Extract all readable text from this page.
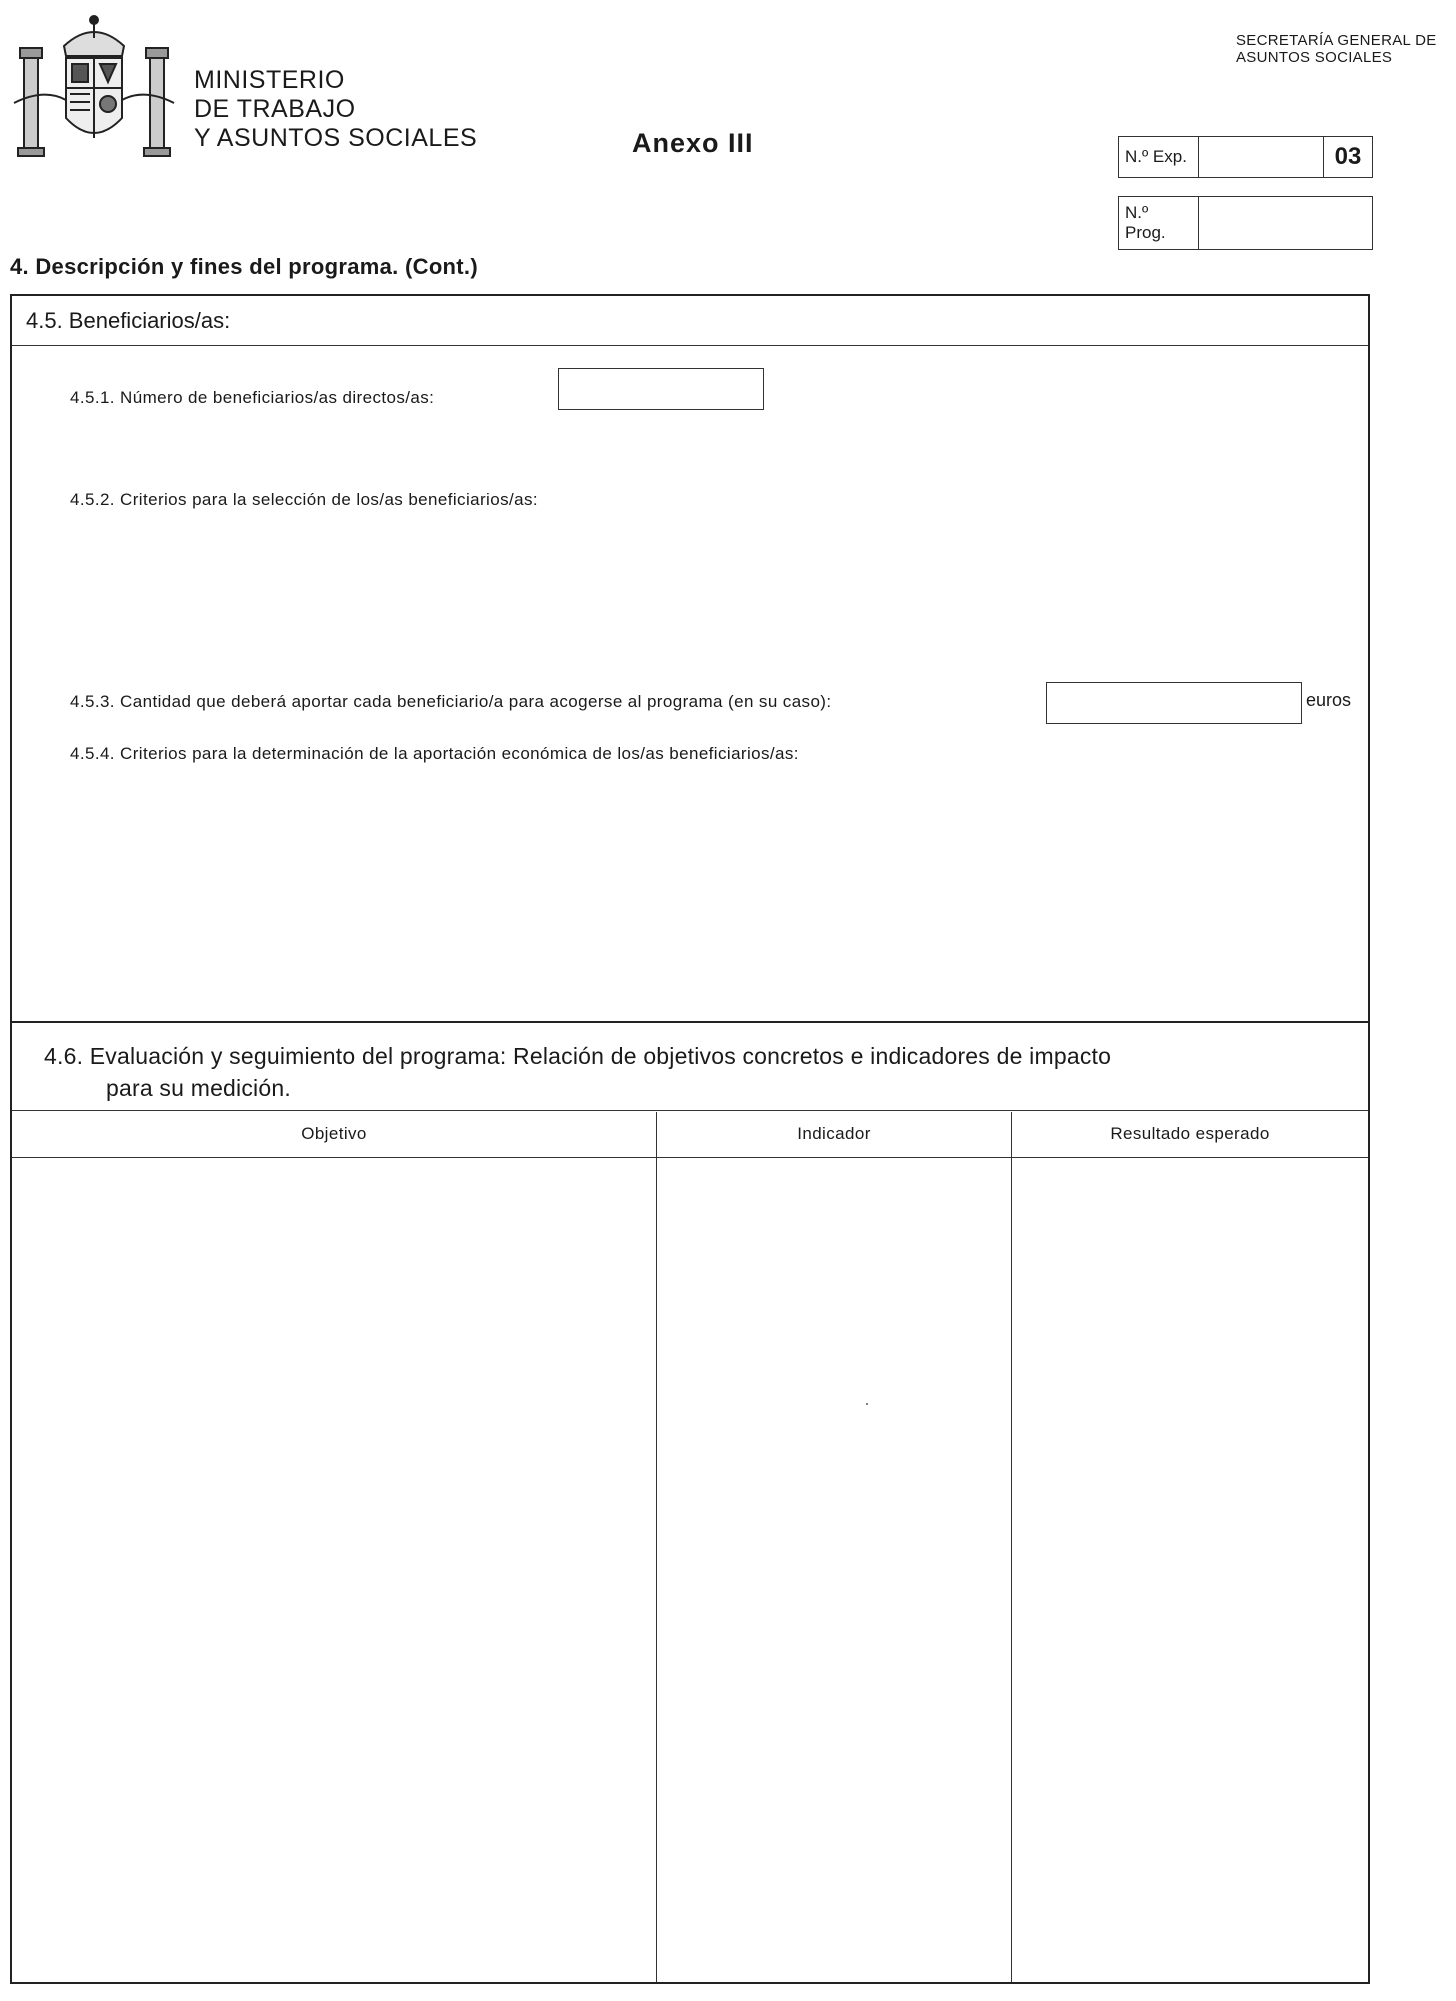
MINISTERIO
DE TRABAJO
Y ASUNTOS SOCIALES	Anexo III
SECRETARÍA GENERAL DE
ASUNTOS SOCIALES
N.º Exp.	03
N.º Prog.
4. Descripción y fines del programa. (Cont.)
4.5. Beneficiarios/as:
4.5.1. Número de beneficiarios/as directos/as:
4.5.2. Criterios para la selección de los/as beneficiarios/as:
4.5.3. Cantidad que deberá aportar cada beneficiario/a para acogerse al programa (en su caso):	euros
4.5.4. Criterios para la determinación de la aportación económica de los/as beneficiarios/as:
4.6. Evaluación y seguimiento del programa: Relación de objetivos concretos e indicadores de impacto
para su medición.
Objetivo	Indicador	Resultado esperado
